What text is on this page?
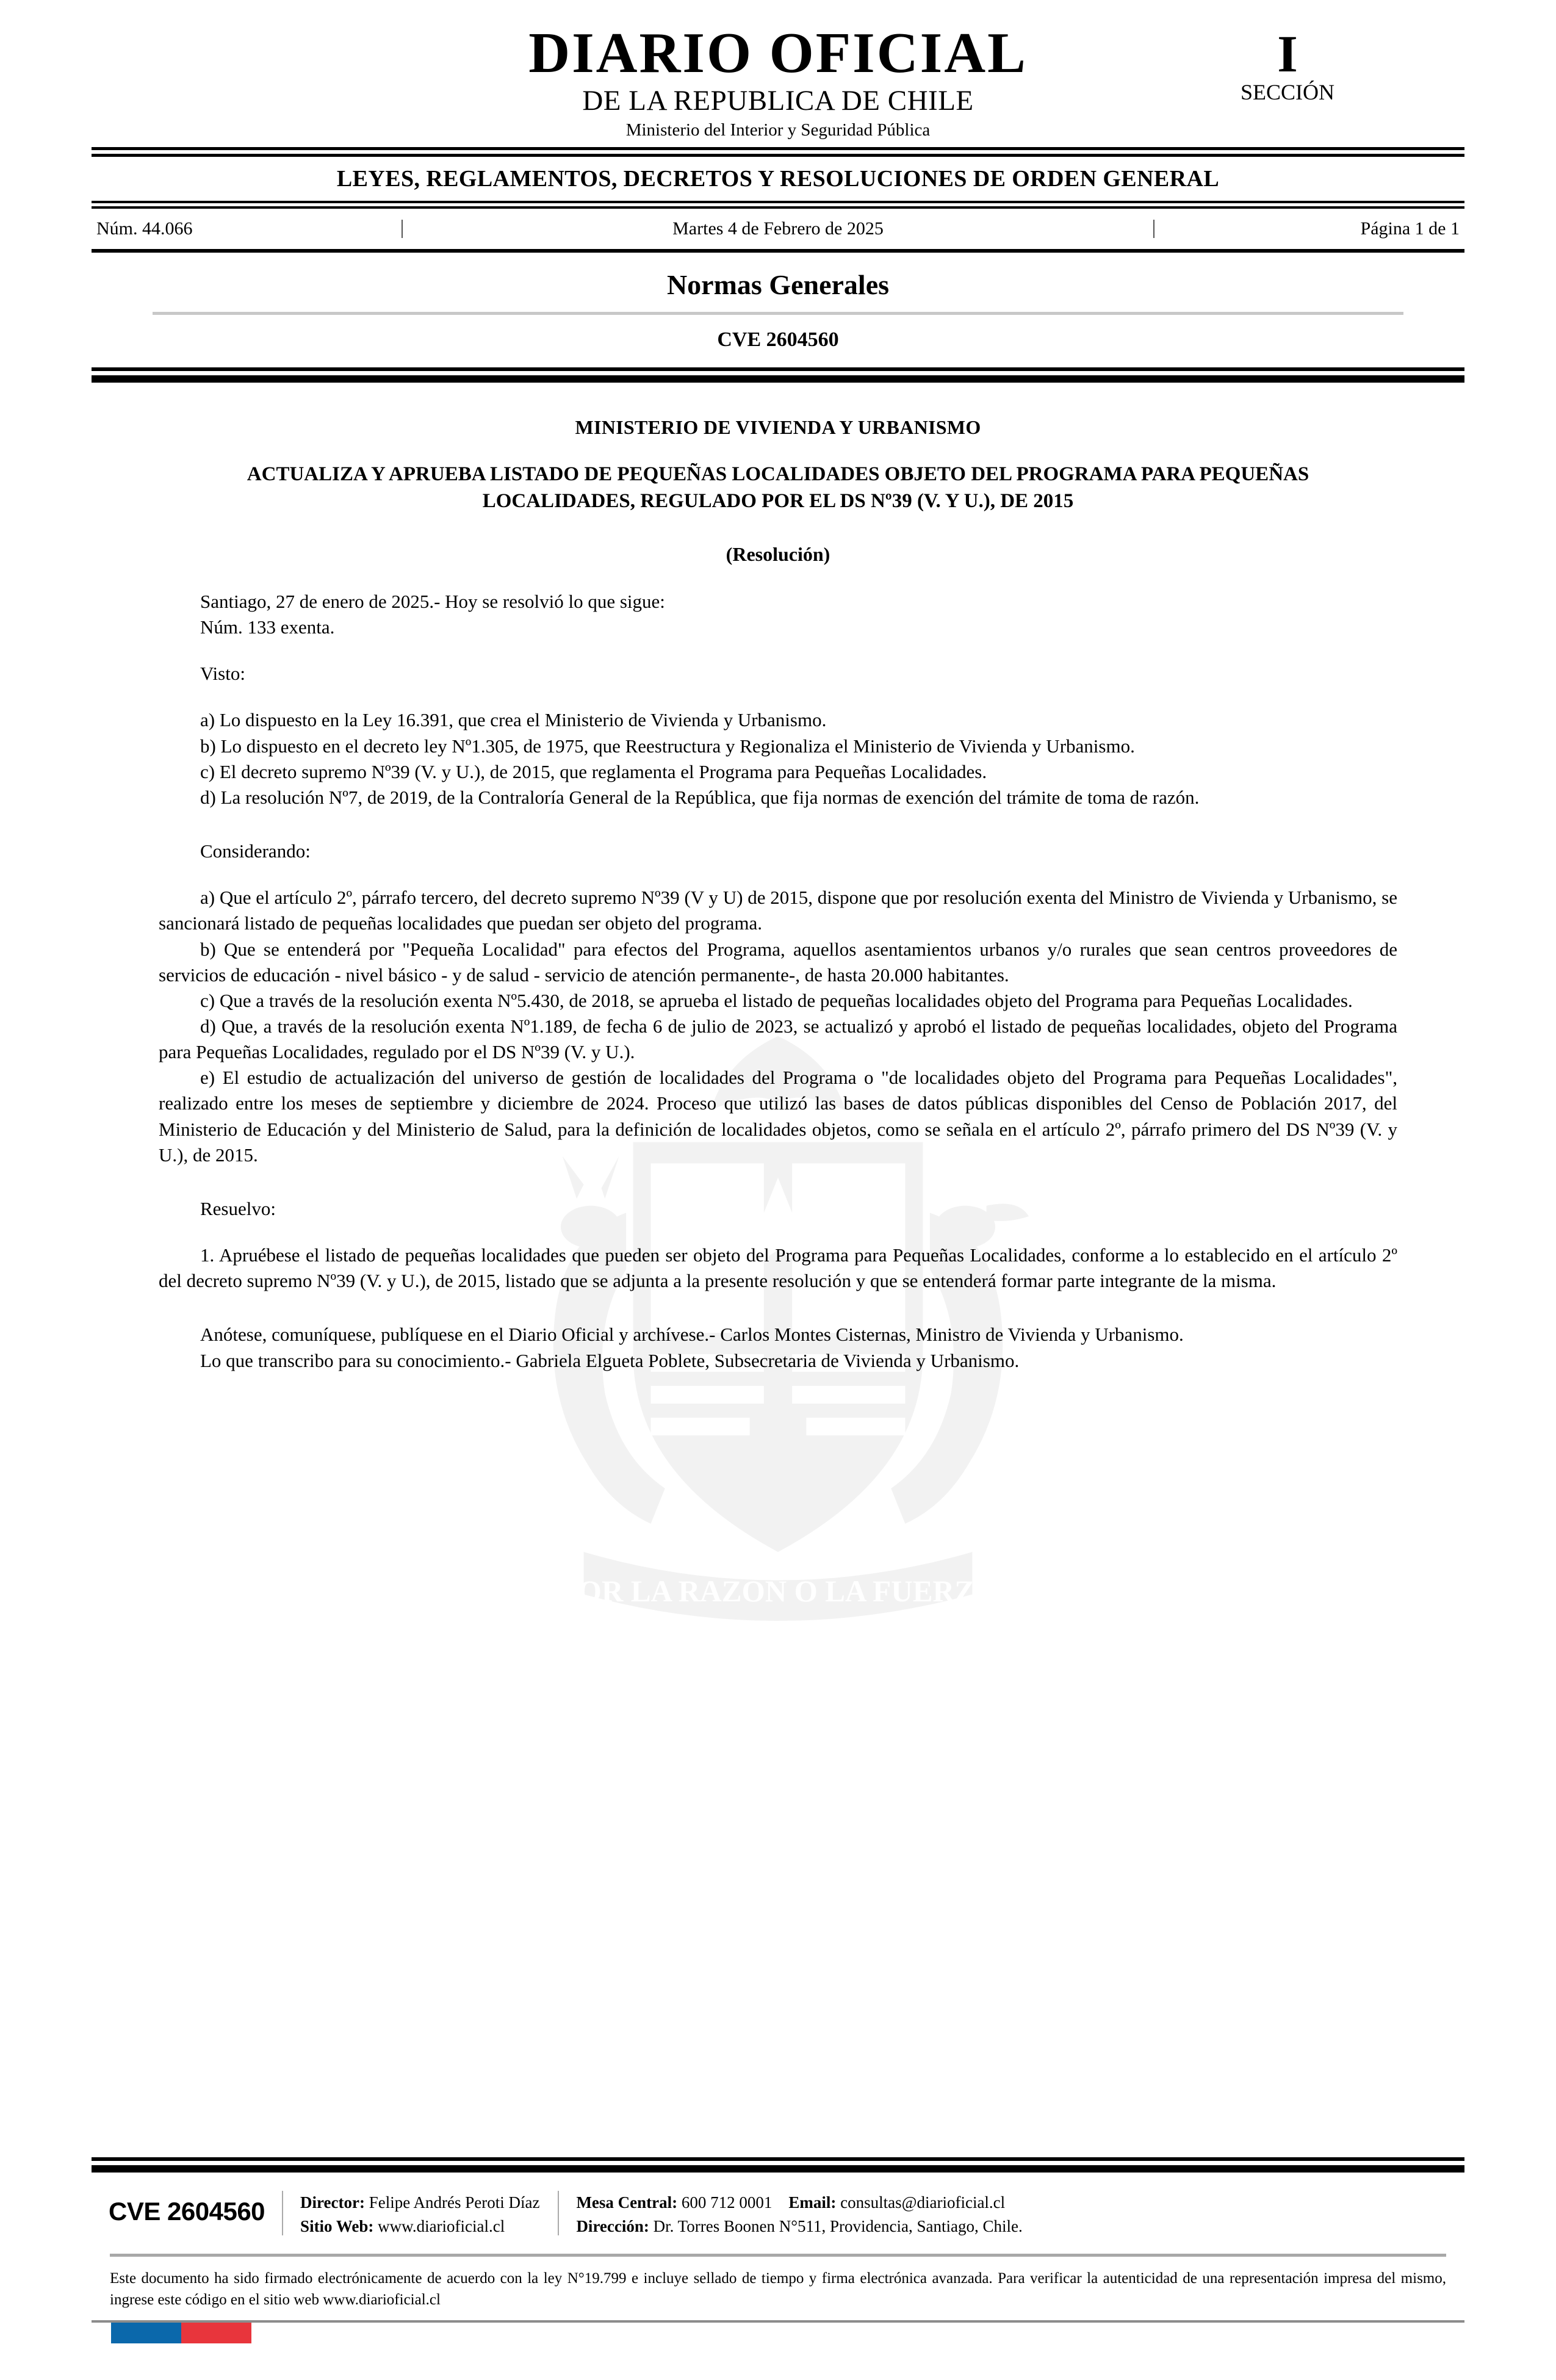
POR LA RAZON O LA FUERZA
DIARIO OFICIAL
DE LA REPUBLICA DE CHILE
Ministerio del Interior y Seguridad Pública
I
SECCIÓN
LEYES, REGLAMENTOS, DECRETOS Y RESOLUCIONES DE ORDEN GENERAL
Núm. 44.066	Martes 4 de Febrero de 2025	Página 1 de 1
Normas Generales
CVE 2604560
MINISTERIO DE VIVIENDA Y URBANISMO
ACTUALIZA Y APRUEBA LISTADO DE PEQUEÑAS LOCALIDADES OBJETO DEL PROGRAMA PARA PEQUEÑAS LOCALIDADES, REGULADO POR EL DS Nº39 (V. Y U.), DE 2015
(Resolución)

Santiago, 27 de enero de 2025.- Hoy se resolvió lo que sigue:

Núm. 133 exenta.

Visto:

a) Lo dispuesto en la Ley 16.391, que crea el Ministerio de Vivienda y Urbanismo.

b) Lo dispuesto en el decreto ley Nº1.305, de 1975, que Reestructura y Regionaliza el Ministerio de Vivienda y Urbanismo.

c) El decreto supremo Nº39 (V. y U.), de 2015, que reglamenta el Programa para Pequeñas Localidades.

d) La resolución Nº7, de 2019, de la Contraloría General de la República, que fija normas de exención del trámite de toma de razón.

Considerando:

a) Que el artículo 2º, párrafo tercero, del decreto supremo Nº39 (V y U) de 2015, dispone que por resolución exenta del Ministro de Vivienda y Urbanismo, se sancionará listado de pequeñas localidades que puedan ser objeto del programa.

b) Que se entenderá por "Pequeña Localidad" para efectos del Programa, aquellos asentamientos urbanos y/o rurales que sean centros proveedores de servicios de educación - nivel básico - y de salud - servicio de atención permanente-, de hasta 20.000 habitantes.

c) Que a través de la resolución exenta Nº5.430, de 2018, se aprueba el listado de pequeñas localidades objeto del Programa para Pequeñas Localidades.

d) Que, a través de la resolución exenta Nº1.189, de fecha 6 de julio de 2023, se actualizó y aprobó el listado de pequeñas localidades, objeto del Programa para Pequeñas Localidades, regulado por el DS Nº39 (V. y U.).

e) El estudio de actualización del universo de gestión de localidades del Programa o "de localidades objeto del Programa para Pequeñas Localidades", realizado entre los meses de septiembre y diciembre de 2024. Proceso que utilizó las bases de datos públicas disponibles del Censo de Población 2017, del Ministerio de Educación y del Ministerio de Salud, para la definición de localidades objetos, como se señala en el artículo 2º, párrafo primero del DS Nº39 (V. y U.), de 2015.

Resuelvo:

1. Apruébese el listado de pequeñas localidades que pueden ser objeto del Programa para Pequeñas Localidades, conforme a lo establecido en el artículo 2º del decreto supremo Nº39 (V. y U.), de 2015, listado que se adjunta a la presente resolución y que se entenderá formar parte integrante de la misma.

Anótese, comuníquese, publíquese en el Diario Oficial y archívese.- Carlos Montes Cisternas, Ministro de Vivienda y Urbanismo.

Lo que transcribo para su conocimiento.- Gabriela Elgueta Poblete, Subsecretaria de Vivienda y Urbanismo.

CVE 2604560	Director: Felipe Andrés Peroti Díaz
Sitio Web: www.diarioficial.cl
Mesa Central: 600 712 0001 Email: consultas@diarioficial.cl
Dirección: Dr. Torres Boonen N°511, Providencia, Santiago, Chile.
Este documento ha sido firmado electrónicamente de acuerdo con la ley N°19.799 e incluye sellado de tiempo y firma electrónica avanzada. Para verificar la autenticidad de una representación impresa del mismo, ingrese este código en el sitio web www.diarioficial.cl
